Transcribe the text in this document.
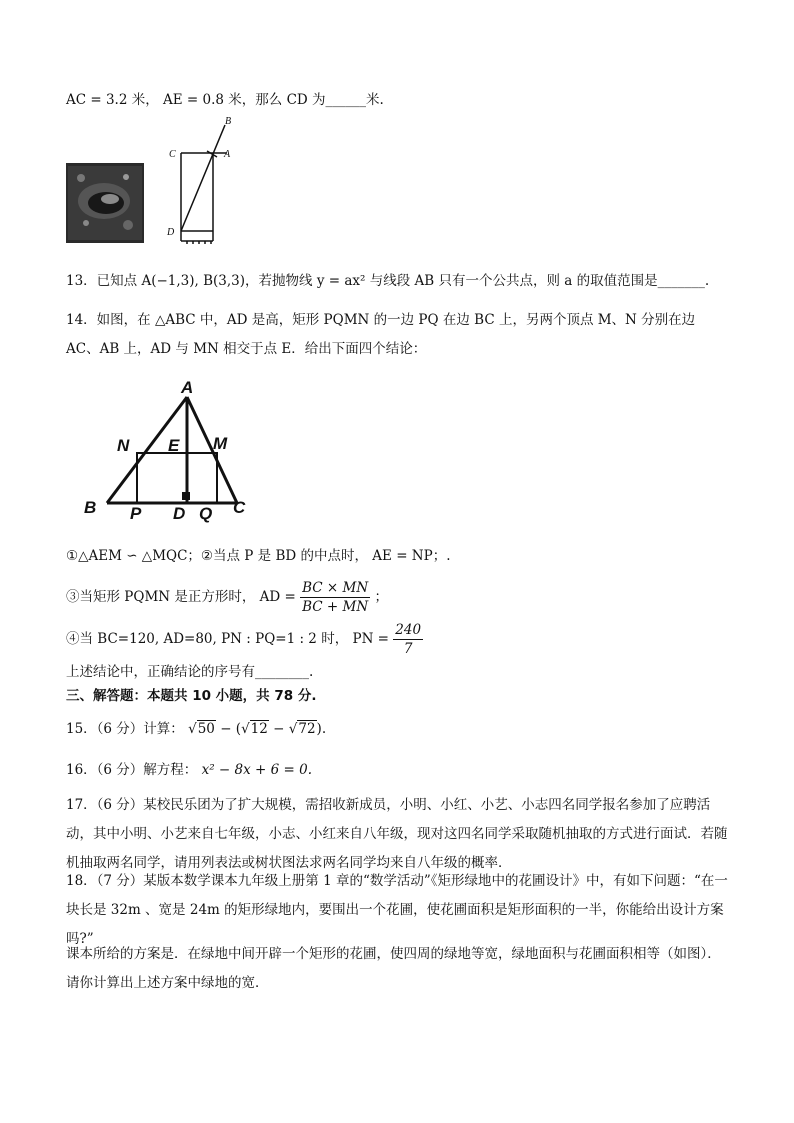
AC = 3.2 米， AE = 0.8 米，那么 CD 为______米.
B
C	A
D
13．已知点 A(−1,3), B(3,3)，若抛物线 y = ax² 与线段 AB 只有一个公共点，则 a 的取值范围是_______.
14．如图，在 △ABC 中，AD 是高，矩形 PQMN 的一边 PQ 在边 BC 上，另两个顶点 M、N 分别在边 AC、AB 上，AD 与 MN 相交于点 E．给出下面四个结论：
A
N E M
B P D Q C
①△AEM ∽ △MQC；②当点 P 是 BD 的中点时， AE = NP；.
③当矩形 PQMN 是正方形时， AD = $\frac{BC \times MN}{BC + MN}$ ；
④当 BC=120, AD=80, PN : PQ=1 : 2 时， PN = $\frac{240}{7}$
上述结论中，正确结论的序号有________.
三、解答题：本题共 10 小题，共 78 分.
15．（6 分）计算： √50 − (√12 − √72).
16．（6 分）解方程： x² − 8x + 6 = 0.
17．（6 分）某校民乐团为了扩大规模，需招收新成员，小明、小红、小艺、小志四名同学报名参加了应聘活动，其中小明、小艺来自七年级，小志、小红来自八年级，现对这四名同学采取随机抽取的方式进行面试．若随机抽取两名同学，请用列表法或树状图法求两名同学均来自八年级的概率．
18．（7 分）某版本数学课本九年级上册第 1 章的“数学活动”《矩形绿地中的花圃设计》中，有如下问题：“在一块长是 32m 、宽是 24m 的矩形绿地内，要围出一个花圃，使花圃面积是矩形面积的一半，你能给出设计方案吗?”
课本所给的方案是．在绿地中间开辟一个矩形的花圃，使四周的绿地等宽，绿地面积与花圃面积相等（如图）．请你计算出上述方案中绿地的宽．
